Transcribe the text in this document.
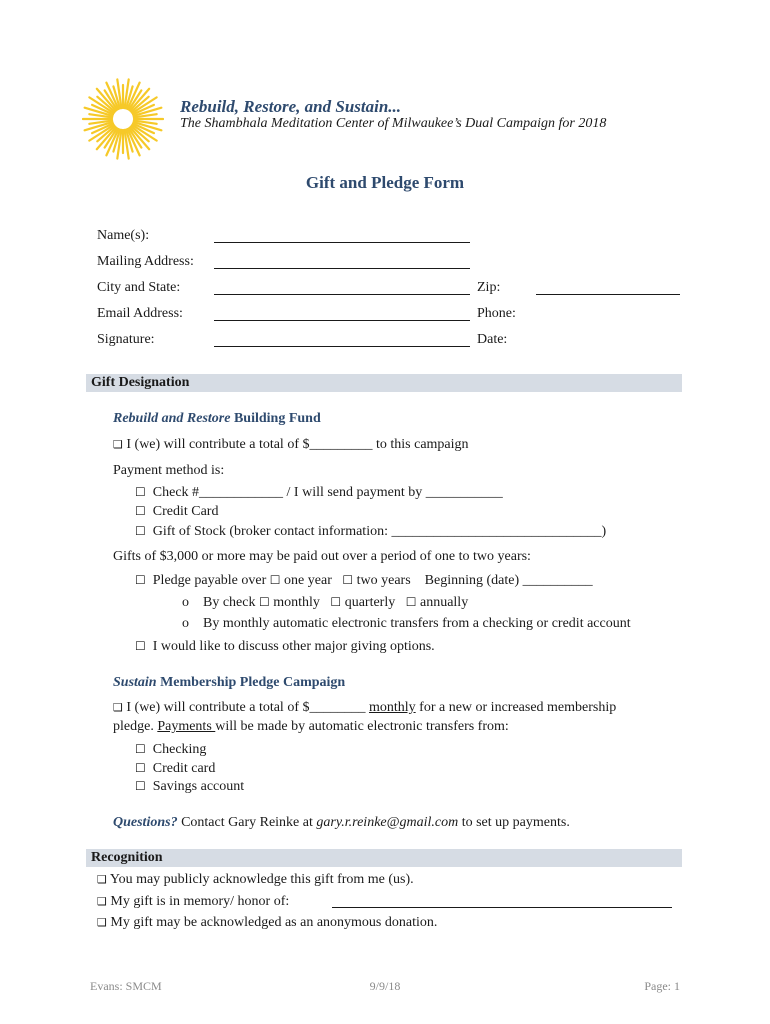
Rebuild, Restore, and Sustain...
The Shambhala Meditation Center of Milwaukee’s Dual Campaign for 2018
Gift and Pledge Form
Name(s):
Mailing Address:
City and State:	Zip:
Email Address:	Phone:
Signature:	Date:
Gift Designation
Rebuild and Restore Building Fund
❑ I (we) will contribute a total of $_________ to this campaign
Payment method is:
☐ Check #____________ / I will send payment by ___________
☐ Credit Card
☐ Gift of Stock (broker contact information: ______________________________)
Gifts of $3,000 or more may be paid out over a period of one to two years:
☐ Pledge payable over ☐ one year ☐ two years Beginning (date) __________
o By check ☐ monthly ☐ quarterly ☐ annually
o By monthly automatic electronic transfers from a checking or credit account
☐ I would like to discuss other major giving options.
Sustain Membership Pledge Campaign
❑ I (we) will contribute a total of $________ monthly for a new or increased membership
pledge. Payments will be made by automatic electronic transfers from:
☐ Checking
☐ Credit card
☐ Savings account
Questions? Contact Gary Reinke at gary.r.reinke@gmail.com to set up payments.
Recognition
❑ You may publicly acknowledge this gift from me (us).
❑ My gift is in memory/ honor of:
❑ My gift may be acknowledged as an anonymous donation.
Evans: SMCM	9/9/18	Page: 1
